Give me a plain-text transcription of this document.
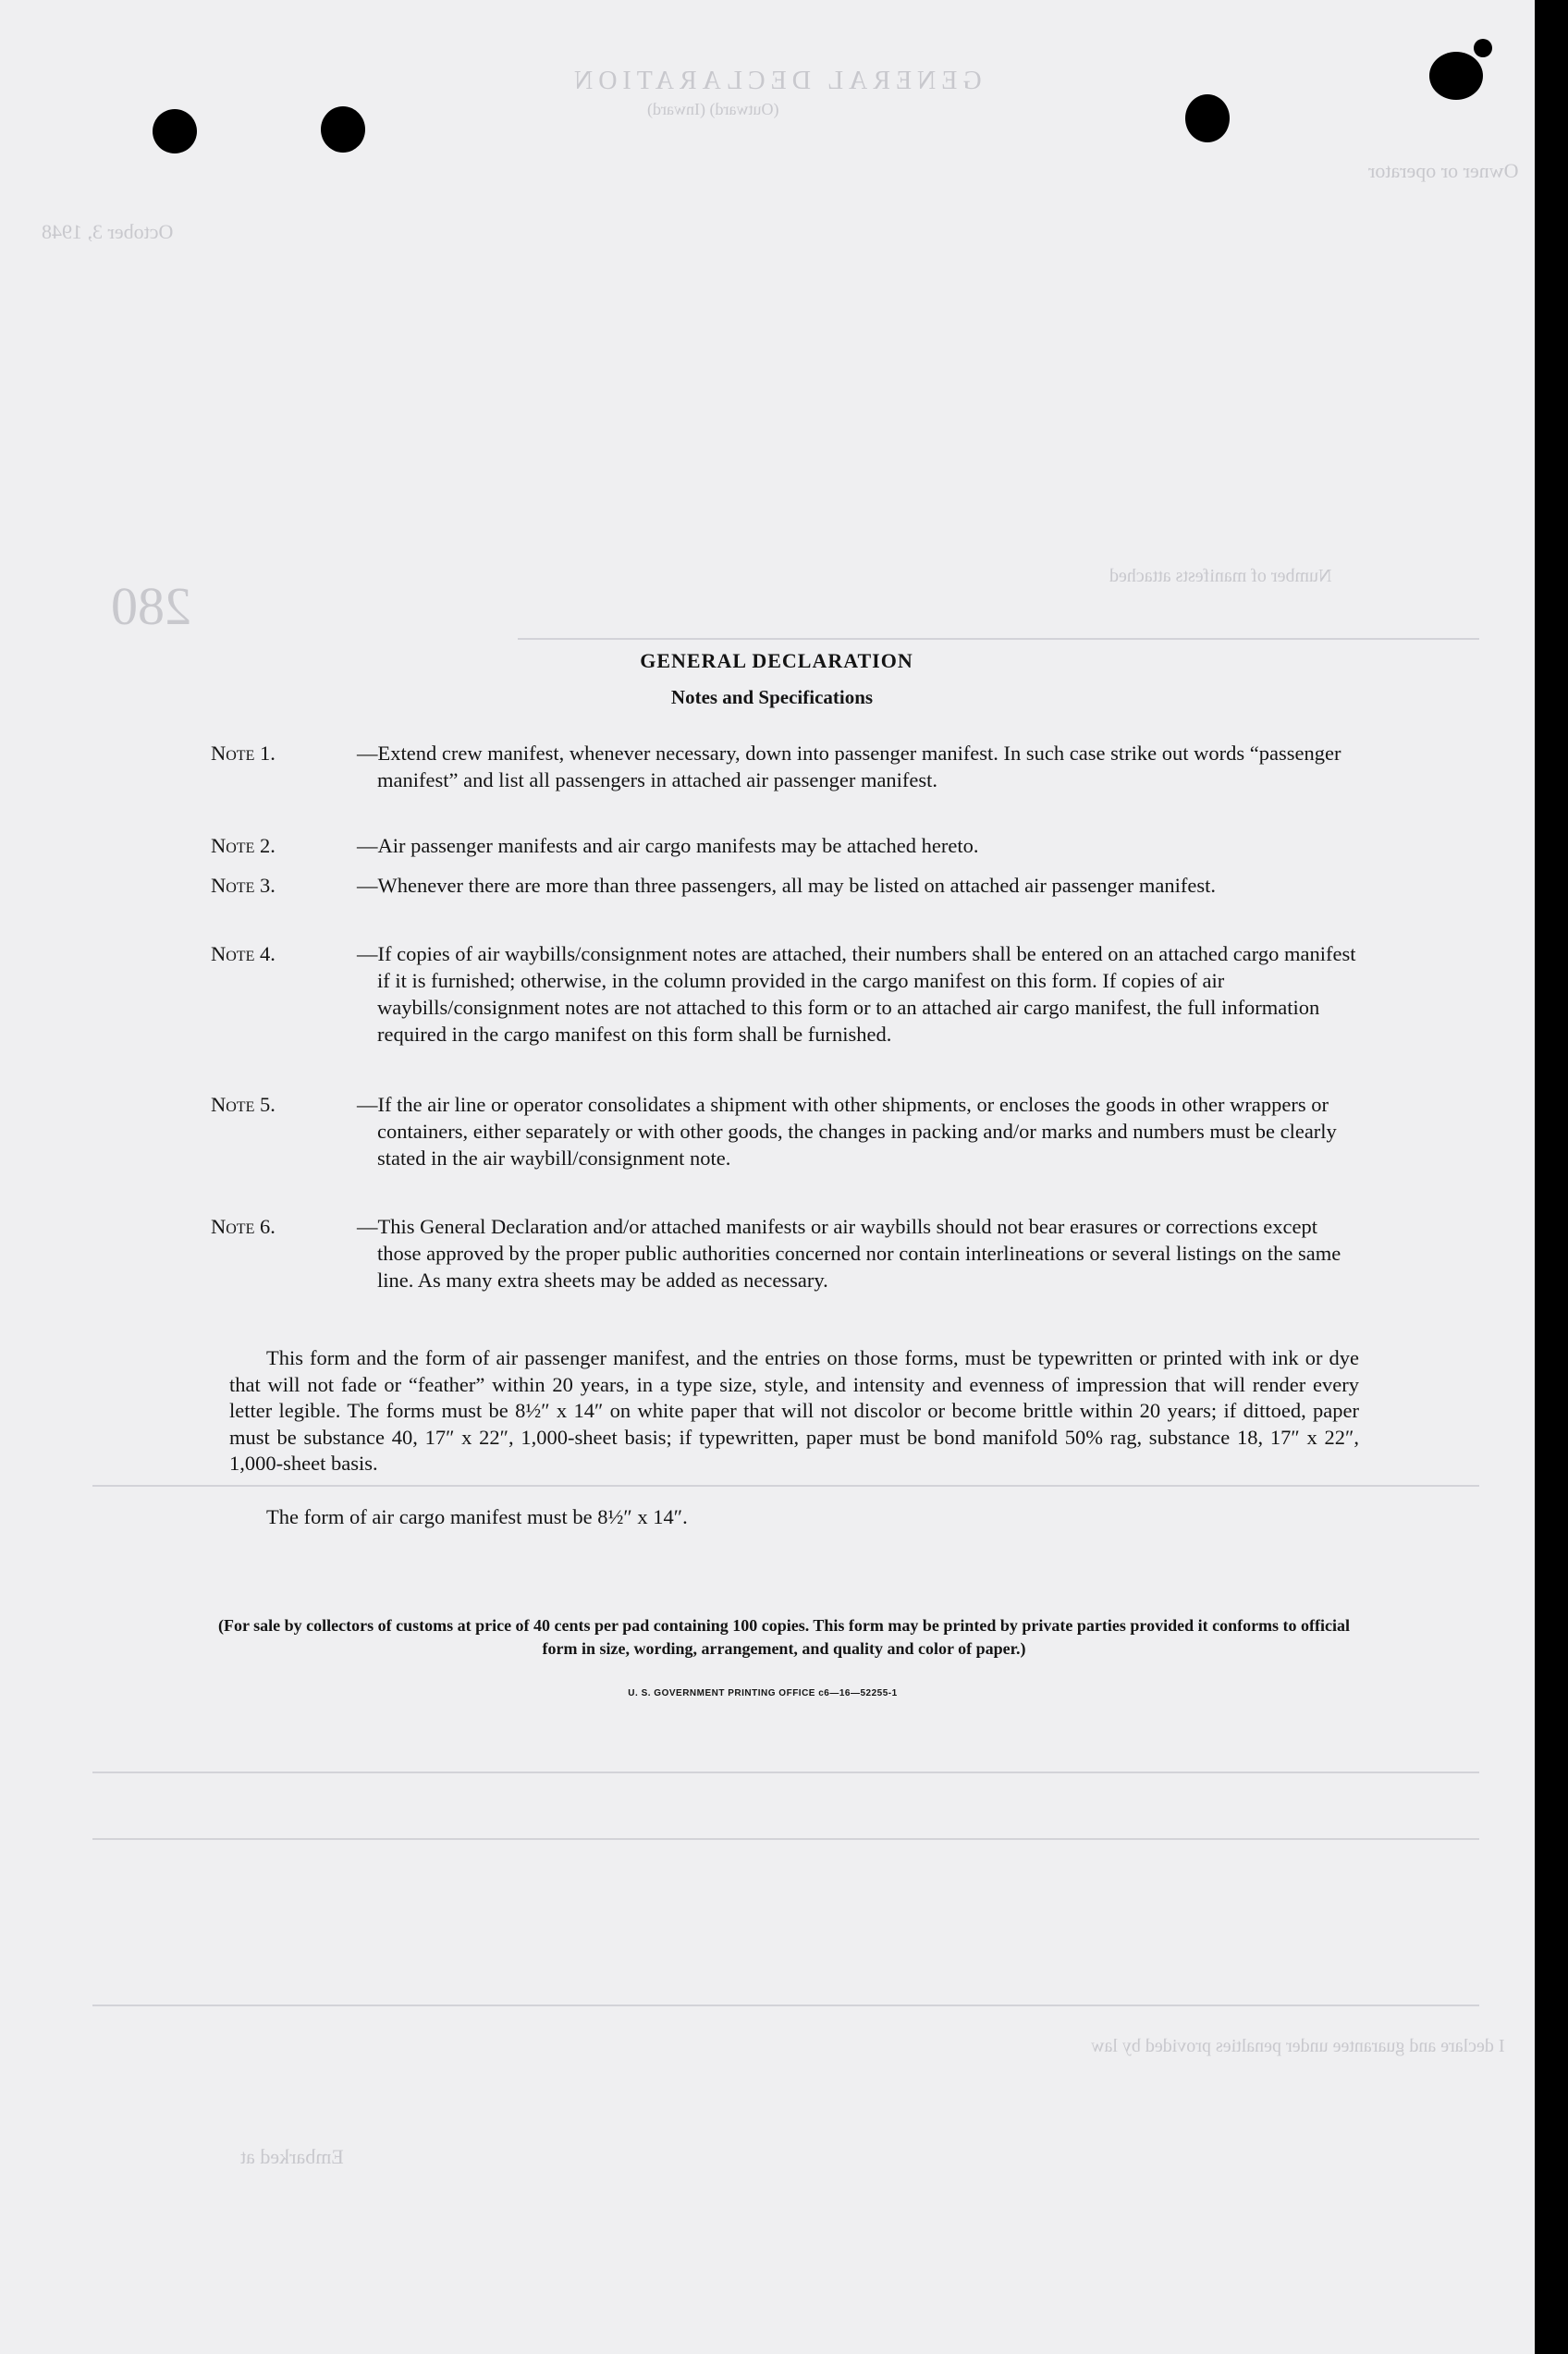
GENERAL DECLARATION
(Outward) (Inward)
October 3, 1948
280
Owner or operator
Number of manifests attached
Embarked at
I declare and guarantee under penalties provided by law
GENERAL DECLARATION
Notes and Specifications
Note 1.	—Extend crew manifest, whenever necessary, down into passenger manifest. In such case strike out words “passenger manifest” and list all passengers in attached air passenger manifest.
Note 2.	—Air passenger manifests and air cargo manifests may be attached hereto.
Note 3.	—Whenever there are more than three passengers, all may be listed on attached air passenger manifest.
Note 4.	—If copies of air waybills/consignment notes are attached, their numbers shall be entered on an attached cargo manifest if it is furnished; otherwise, in the column provided in the cargo manifest on this form. If copies of air waybills/consignment notes are not attached to this form or to an attached air cargo manifest, the full information required in the cargo manifest on this form shall be furnished.
Note 5.	—If the air line or operator consolidates a shipment with other shipments, or encloses the goods in other wrappers or containers, either separately or with other goods, the changes in packing and/or marks and numbers must be clearly stated in the air waybill/consignment note.
Note 6.	—This General Declaration and/or attached manifests or air waybills should not bear erasures or corrections except those approved by the proper public authorities concerned nor contain interlineations or several listings on the same line. As many extra sheets may be added as necessary.
This form and the form of air passenger manifest, and the entries on those forms, must be typewritten or printed with ink or dye that will not fade or “feather” within 20 years, in a type size, style, and intensity and evenness of impression that will render every letter legible. The forms must be 8½″ x 14″ on white paper that will not discolor or become brittle within 20 years; if dittoed, paper must be substance 40, 17″ x 22″, 1,000-sheet basis; if typewritten, paper must be bond manifold 50% rag, substance 18, 17″ x 22″, 1,000-sheet basis.
The form of air cargo manifest must be 8½″ x 14″.
(For sale by collectors of customs at price of 40 cents per pad containing 100 copies. This form may be printed by private parties provided it conforms to official form in size, wording, arrangement, and quality and color of paper.)
U. S. GOVERNMENT PRINTING OFFICE c6—16—52255-1
